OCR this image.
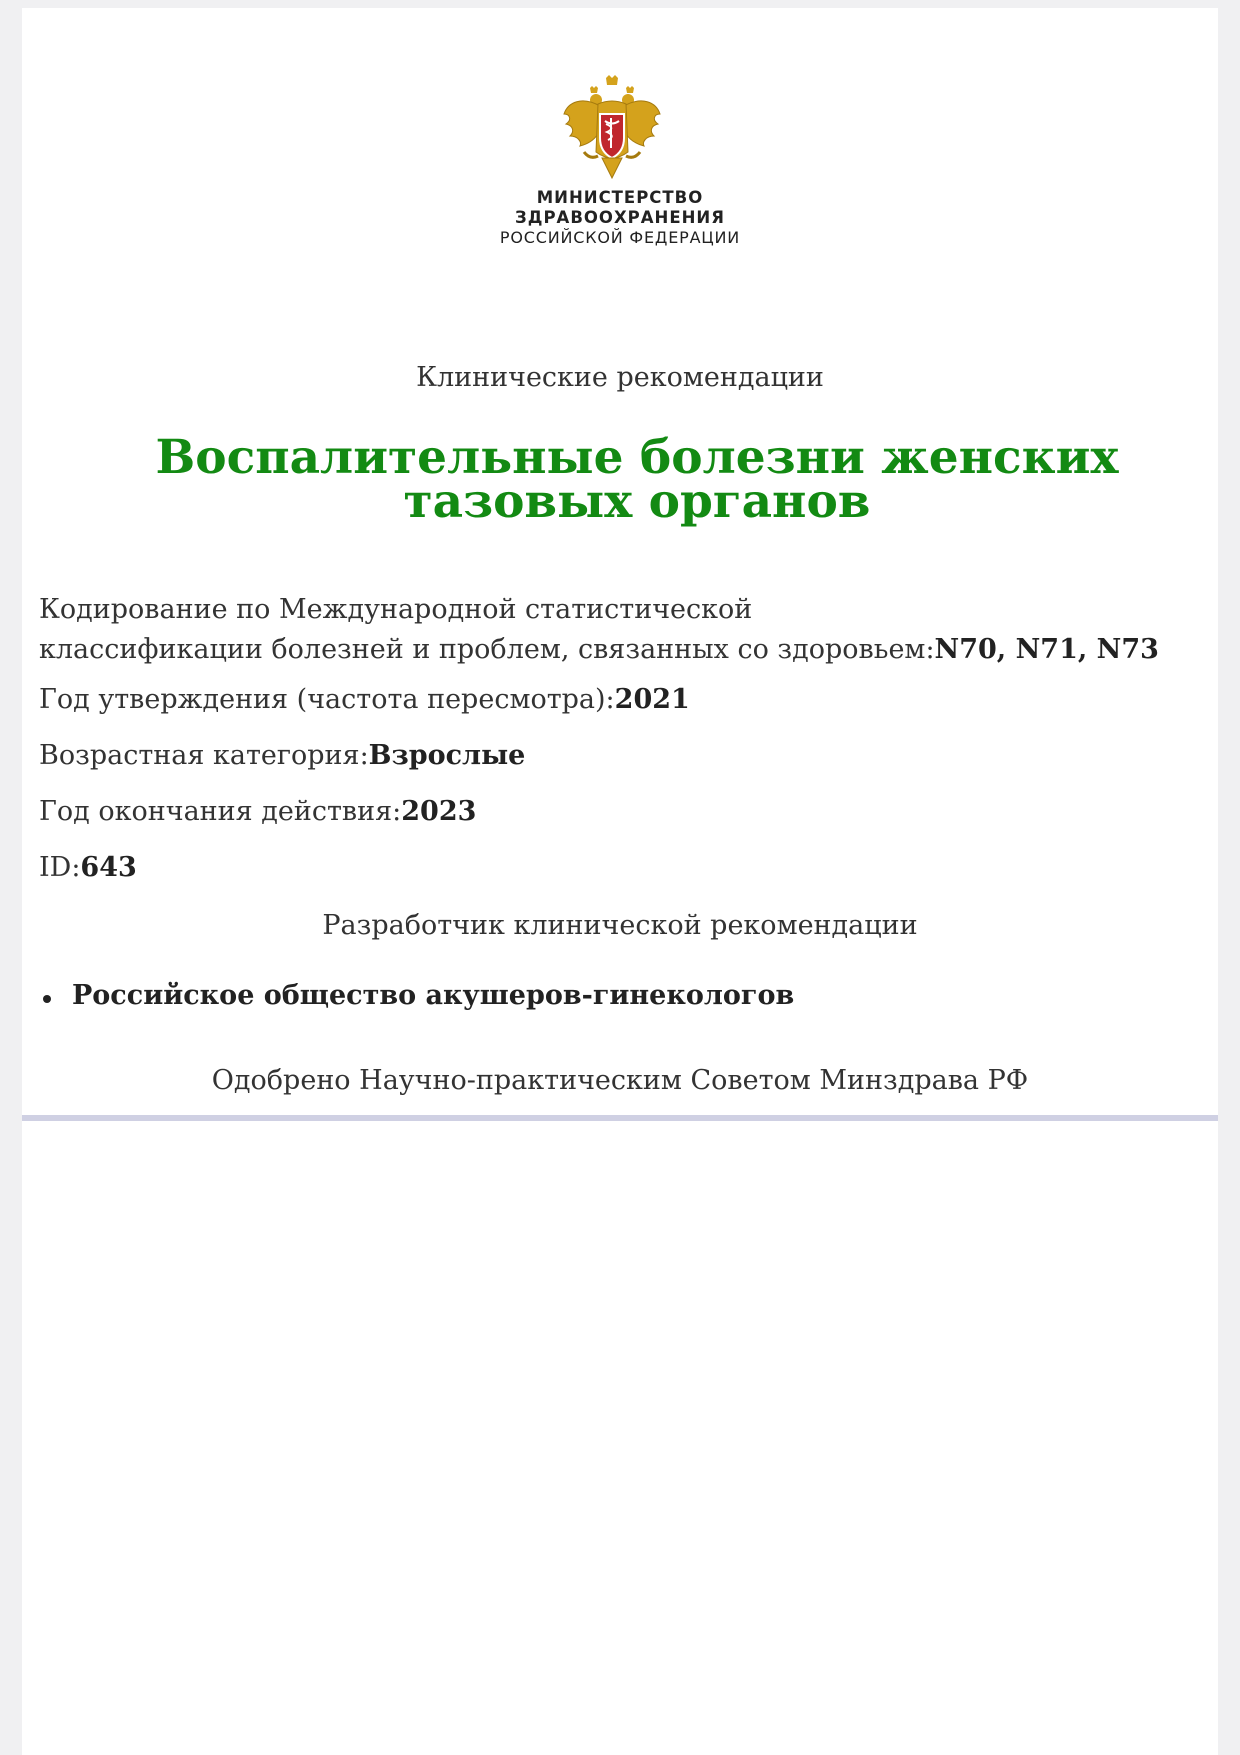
МИНИСТЕРСТВО
ЗДРАВООХРАНЕНИЯ
РОССИЙСКОЙ ФЕДЕРАЦИИ
Клинические рекомендации
Воспалительные болезни женских тазовых органов
Кодирование по Международной статистической
классификации болезней и проблем, связанных со здоровьем:N70, N71, N73
Год утверждения (частота пересмотра):2021
Возрастная категория:Взрослые
Год окончания действия:2023
ID:643
Разработчик клинической рекомендации
Российское общество акушеров-гинекологов
Одобрено Научно-практическим Советом Минздрава РФ
